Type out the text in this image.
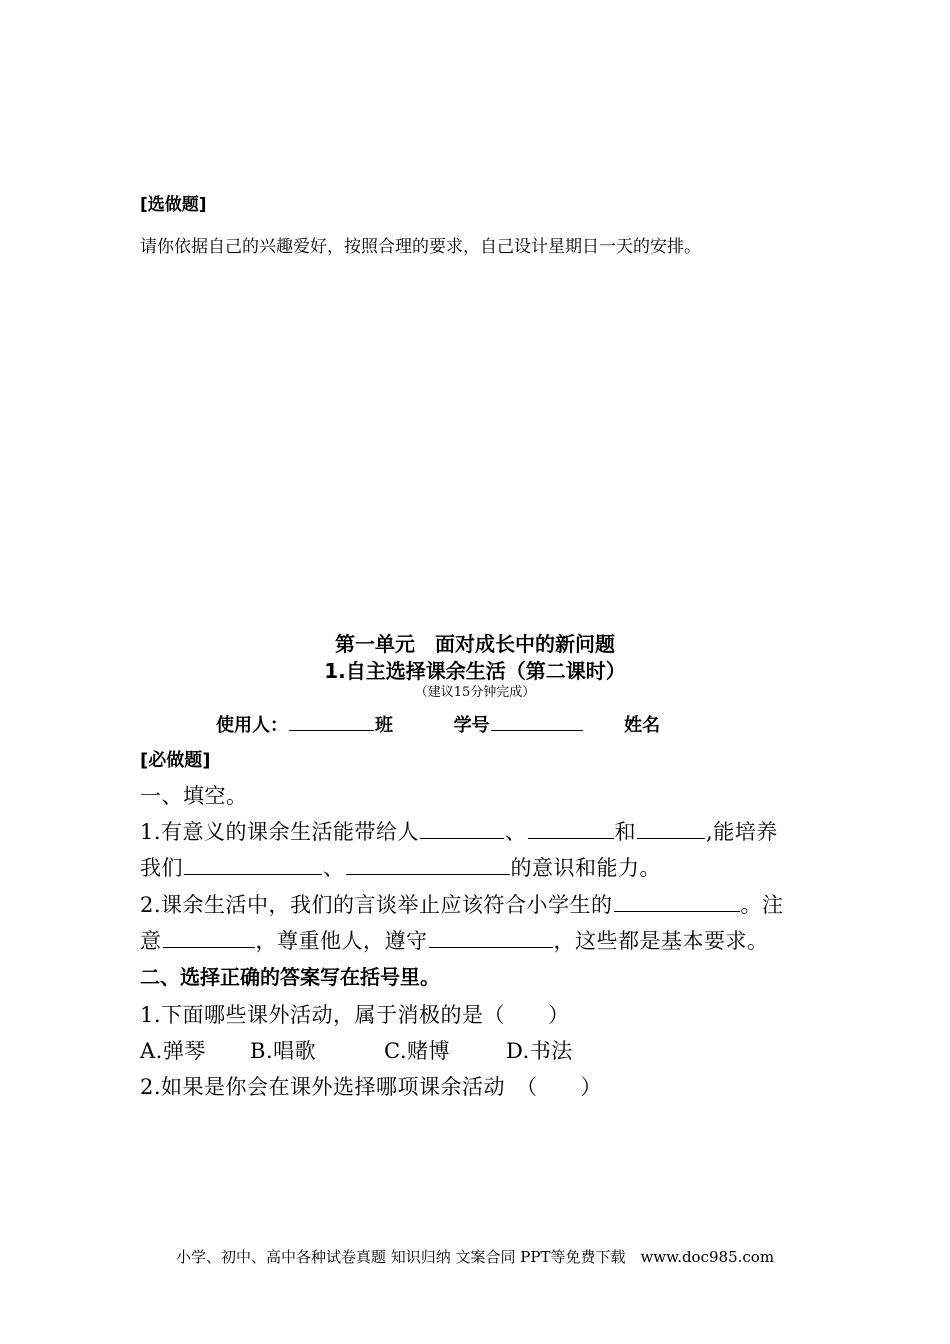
[选做题]
请你依据自己的兴趣爱好，按照合理的要求，自己设计星期日一天的安排。
第一单元　面对成长中的新问题
1.自主选择课余生活（第二课时）
（建议15分钟完成）
使用人：	班	学号	姓名
[必做题]
一、填空。
1.有意义的课余生活能带给人	、	和	,能培养
我们	、	的意识和能力。
2.课余生活中，我们的言谈举止应该符合小学生的	。注
意	，尊重他人，遵守	，这些都是基本要求。
二、选择正确的答案写在括号里。
1.下面哪些课外活动，属于消极的是（　　）
A.弹琴 B.唱歌	C.赌博	D.书法
2.如果是你会在课外选择哪项课余活动　（　　）
小学、初中、高中各种试卷真题 知识归纳 文案合同 PPT等免费下载　www.doc985.com
